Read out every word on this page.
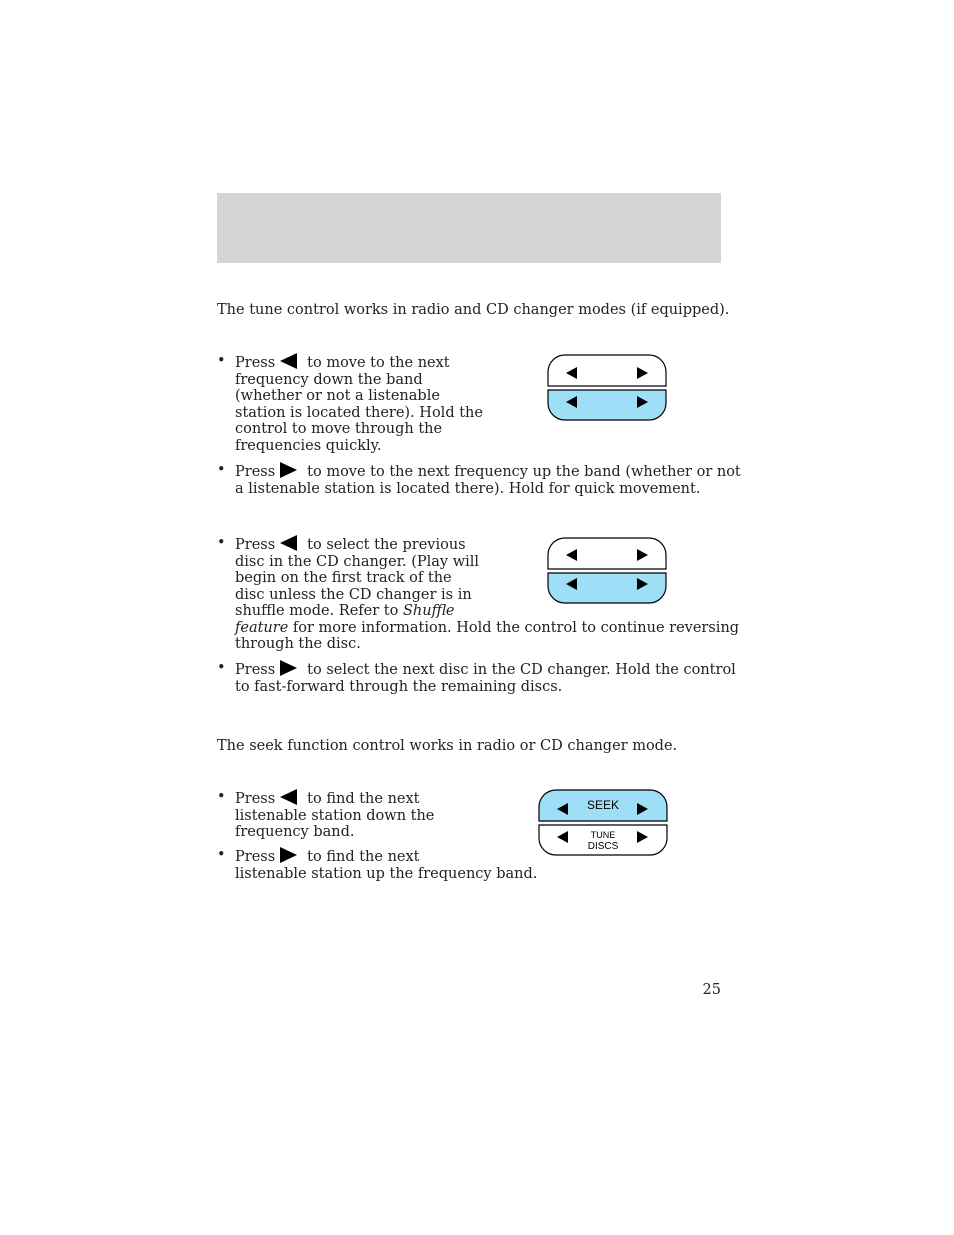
The tune control works in radio and CD changer modes (if equipped).

• Press to move to the next
frequency down the band
(whether or not a listenable
station is located there). Hold the
control to move through the
frequencies quickly.
• Press to move to the next frequency up the band (whether or not
a listenable station is located there). Hold for quick movement.
• Press to select the previous
disc in the CD changer. (Play will
begin on the first track of the
disc unless the CD changer is in
shuffle mode. Refer to Shuffle
feature for more information. Hold the control to continue reversing
through the disc.
• Press to select the next disc in the CD changer. Hold the control
to fast-forward through the remaining discs.

The seek function control works in radio or CD changer mode.

• Press to find the next
listenable station down the
frequency band.
SEEK
TUNE
DISCS
• Press to find the next
listenable station up the frequency band.
25
